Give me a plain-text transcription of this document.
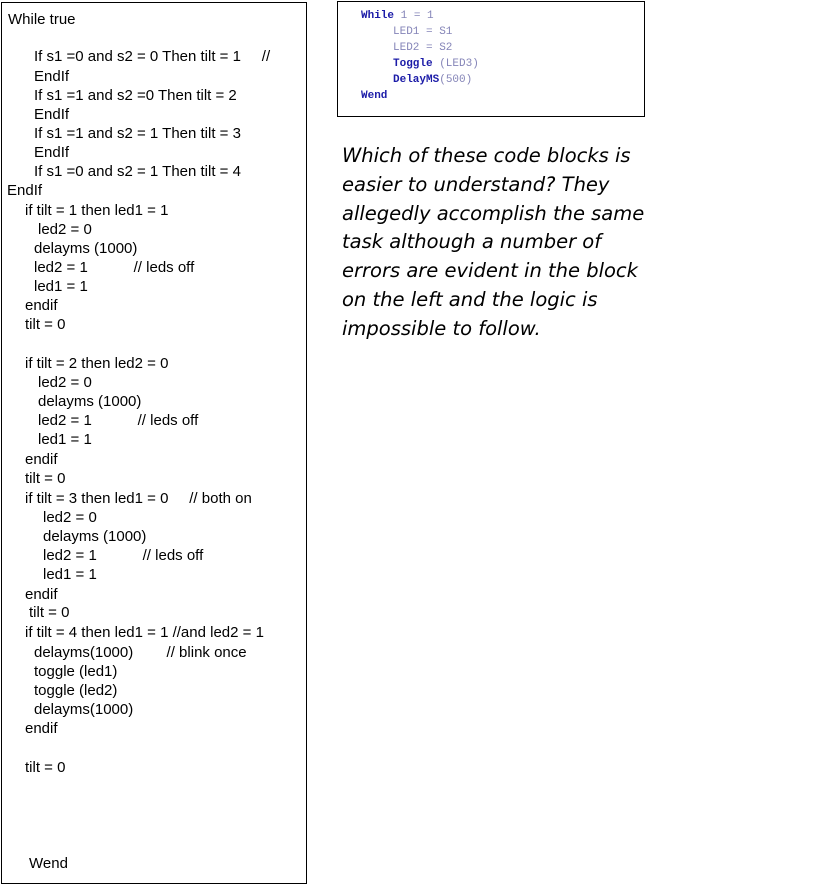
While true
If s1 =0 and s2 = 0 Then tilt = 1     //
EndIf
If s1 =1 and s2 =0 Then tilt = 2
EndIf
If s1 =1 and s2 = 1 Then tilt = 3
EndIf
If s1 =0 and s2 = 1 Then tilt = 4
EndIf
if tilt = 1 then led1 = 1
led2 = 0
delayms (1000)
led2 = 1           // leds off
led1 = 1
endif
tilt = 0
if tilt = 2 then led2 = 0
led2 = 0
delayms (1000)
led2 = 1           // leds off
led1 = 1
endif
tilt = 0
if tilt = 3 then led1 = 0     // both on
led2 = 0
delayms (1000)
led2 = 1           // leds off
led1 = 1
endif
tilt = 0
if tilt = 4 then led1 = 1 //and led2 = 1
delayms(1000)        // blink once
toggle (led1)
toggle (led2)
delayms(1000)
endif
tilt = 0
Wend
While 1 = 1
LED1 = S1
LED2 = S2
Toggle (LED3)
DelayMS(500)
Wend

Which of these code blocks is easier to understand? They allegedly accomplish the same task although a number of errors are evident in the block on the left and the logic is impossible to follow.
